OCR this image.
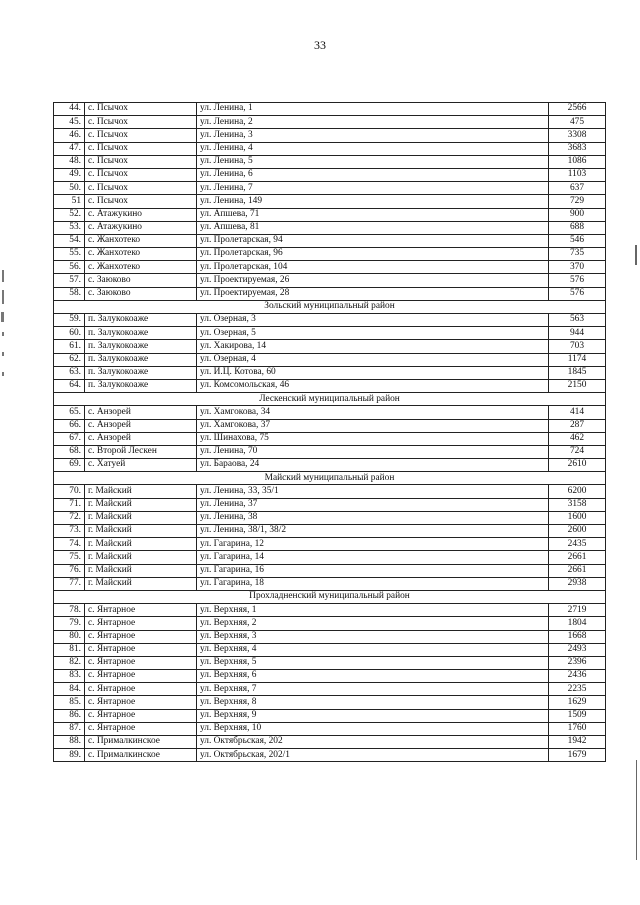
33
44.	с. Псычох	ул. Ленина, 1	2566
45.	с. Псычох	ул. Ленина, 2	475
46.	с. Псычох	ул. Ленина, 3	3308
47.	с. Псычох	ул. Ленина, 4	3683
48.	с. Псычох	ул. Ленина, 5	1086
49.	с. Псычох	ул. Ленина, 6	1103
50.	с. Псычох	ул. Ленина, 7	637
51	с. Псычох	ул. Ленина, 149	729
52.	с. Атажукино	ул. Апшева, 71	900
53.	с. Атажукино	ул. Апшева, 81	688
54.	с. Жанхотеко	ул. Пролетарская, 94	546
55.	с. Жанхотеко	ул. Пролетарская, 96	735
56.	с. Жанхотеко	ул. Пролетарская, 104	370
57.	с. Заюково	ул. Проектируемая, 26	576
58.	с. Заюково	ул. Проектируемая, 28	576
Зольский муниципальный район			
59.	п. Залукокоаже	ул. Озерная, 3	563
60.	п. Залукокоаже	ул. Озерная, 5	944
61.	п. Залукокоаже	ул. Хакирова, 14	703
62.	п. Залукокоаже	ул. Озерная, 4	1174
63.	п. Залукокоаже	ул. И.Ц. Котова, 60	1845
64.	п. Залукокоаже	ул. Комсомольская, 46	2150
Лескенский муниципальный район			
65.	с. Анзорей	ул. Хамгокова, 34	414
66.	с. Анзорей	ул. Хамгокова, 37	287
67.	с. Анзорей	ул. Шинахова, 75	462
68.	с. Второй Лескен	ул. Ленина, 70	724
69.	с. Хатуей	ул. Бараова, 24	2610
Майский муниципальный район			
70.	г. Майский	ул. Ленина, 33, 35/1	6200
71.	г. Майский	ул. Ленина, 37	3158
72.	г. Майский	ул. Ленина, 38	1600
73.	г. Майский	ул. Ленина, 38/1, 38/2	2600
74.	г. Майский	ул. Гагарина, 12	2435
75.	г. Майский	ул. Гагарина, 14	2661
76.	г. Майский	ул. Гагарина, 16	2661
77.	г. Майский	ул. Гагарина, 18	2938
Прохладненский муниципальный район			
78.	с. Янтарное	ул. Верхняя, 1	2719
79.	с. Янтарное	ул. Верхняя, 2	1804
80.	с. Янтарное	ул. Верхняя, 3	1668
81.	с. Янтарное	ул. Верхняя, 4	2493
82.	с. Янтарное	ул. Верхняя, 5	2396
83.	с. Янтарное	ул. Верхняя, 6	2436
84.	с. Янтарное	ул. Верхняя, 7	2235
85.	с. Янтарное	ул. Верхняя, 8	1629
86.	с. Янтарное	ул. Верхняя, 9	1509
87.	с. Янтарное	ул. Верхняя, 10	1760
88.	с. Прималкинское	ул. Октябрьская, 202	1942
89.	с. Прималкинское	ул. Октябрьская, 202/1	1679
